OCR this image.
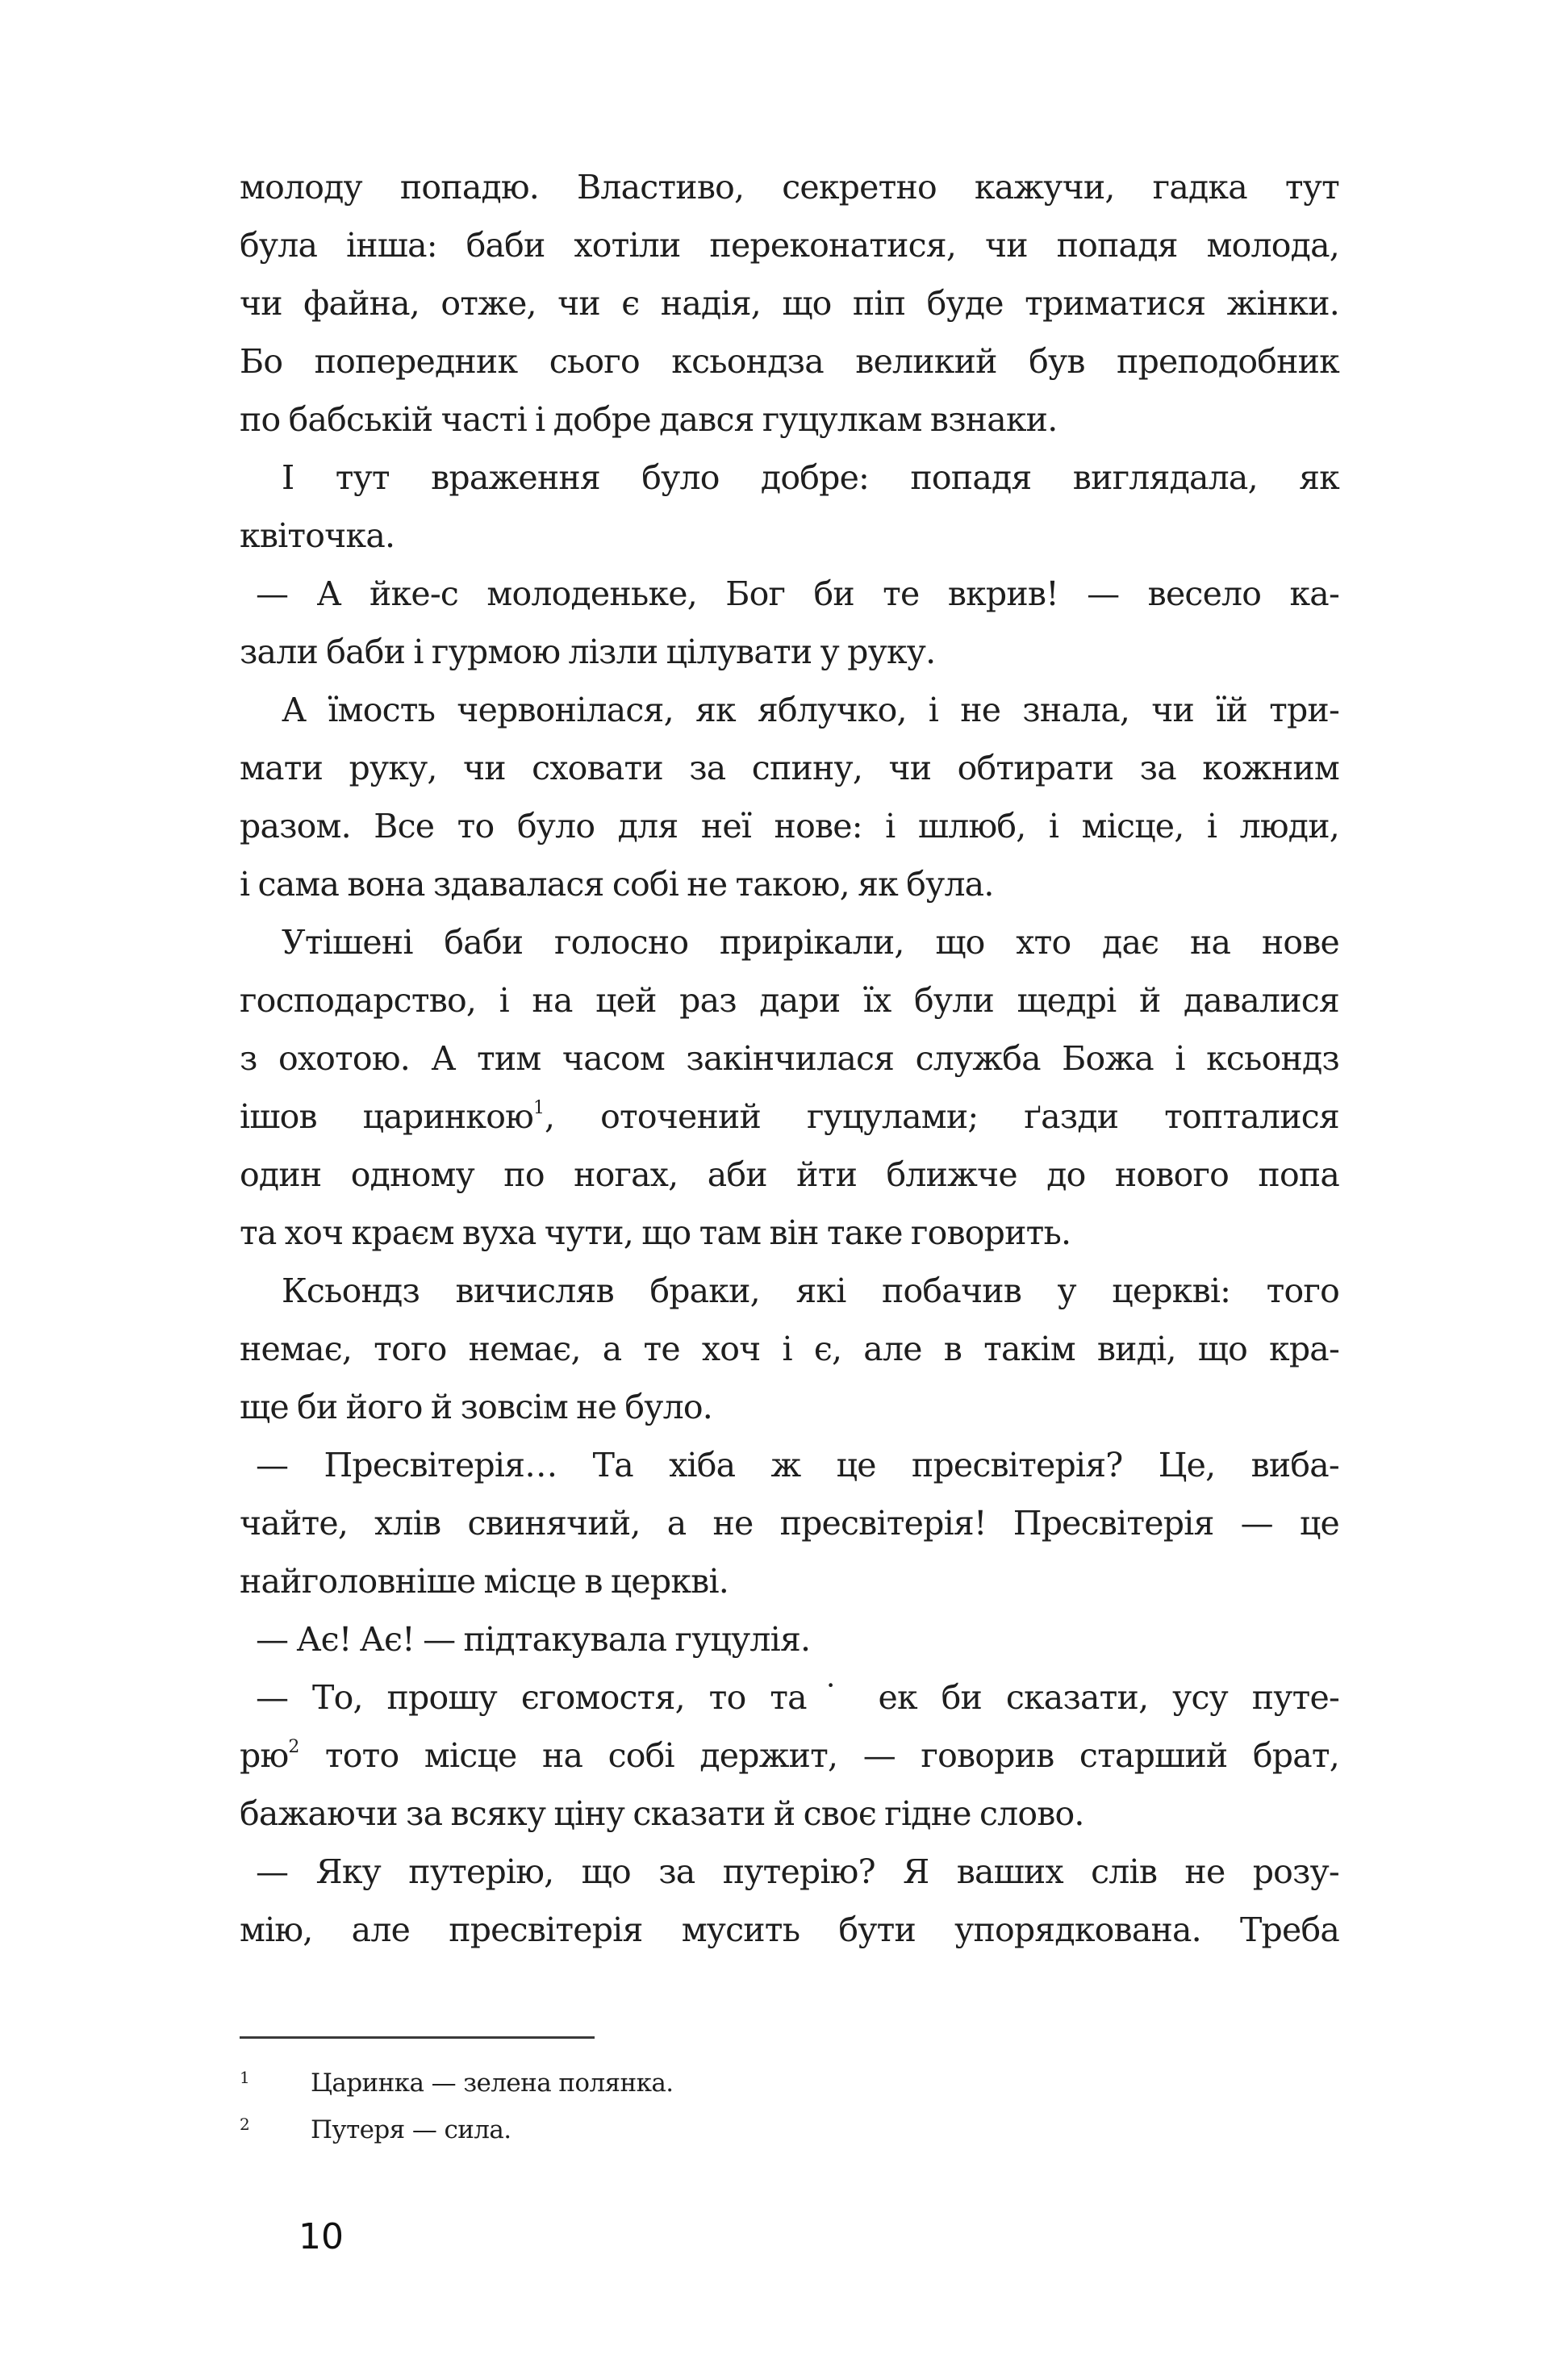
молоду попадю. Властиво, секретно кажучи, гадка тут
була інша: баби хотіли переконатися, чи попадя молода,
чи файна, отже, чи є надія, що піп буде триматися жінки.
Бо попередник сього ксьондза великий був преподобник
по бабській часті і добре дався гуцулкам взнаки.
І тут враження було добре: попадя виглядала, як
квіточка.
— А йке-с молоденьке, Бог би те вкрив! — весело ка-
зали баби і гурмою лізли цілувати у руку.
А їмость червонілася, як яблучко, і не знала, чи їй три-
мати руку, чи сховати за спину, чи обтирати за кожним
разом. Все то було для неї нове: і шлюб, і місце, і люди,
і сама вона здавалася собі не такою, як була.
Утішені баби голосно прирікали, що хто дає на нове
господарство, і на цей раз дари їх були щедрі й давалися
з охотою. А тим часом закінчилася служба Божа і ксьондз
ішов царинкою$^1$, оточений гуцулами; ґазди топталися
один одному по ногах, аби йти ближче до нового попа
та хоч краєм вуха чути, що там він таке говорить.
Ксьондз вичисляв браки, які побачив у церкві: того
немає, того немає, а те хоч і є, але в такім виді, що кра-
ще би його й зовсім не було.
— Пресвітерія… Та хіба ж це пресвітерія? Це, виба-
чайте, хлів свинячий, а не пресвітерія! Пресвітерія — це
найголовніше місце в церкві.
— Ає! Ає! — підтакувала гуцулія.
— То, прошу єгомостя, то та˙ ек би сказати, усу путе-
рю$^2$ тото місце на собі держит, — говорив старший брат,
бажаючи за всяку ціну сказати й своє гідне слово.
— Яку путерію, що за путерію? Я ваших слів не розу-
мію, але пресвітерія мусить бути упорядкована. Треба
1 Царинка — зелена полянка.
2 Путеря — сила.
10
